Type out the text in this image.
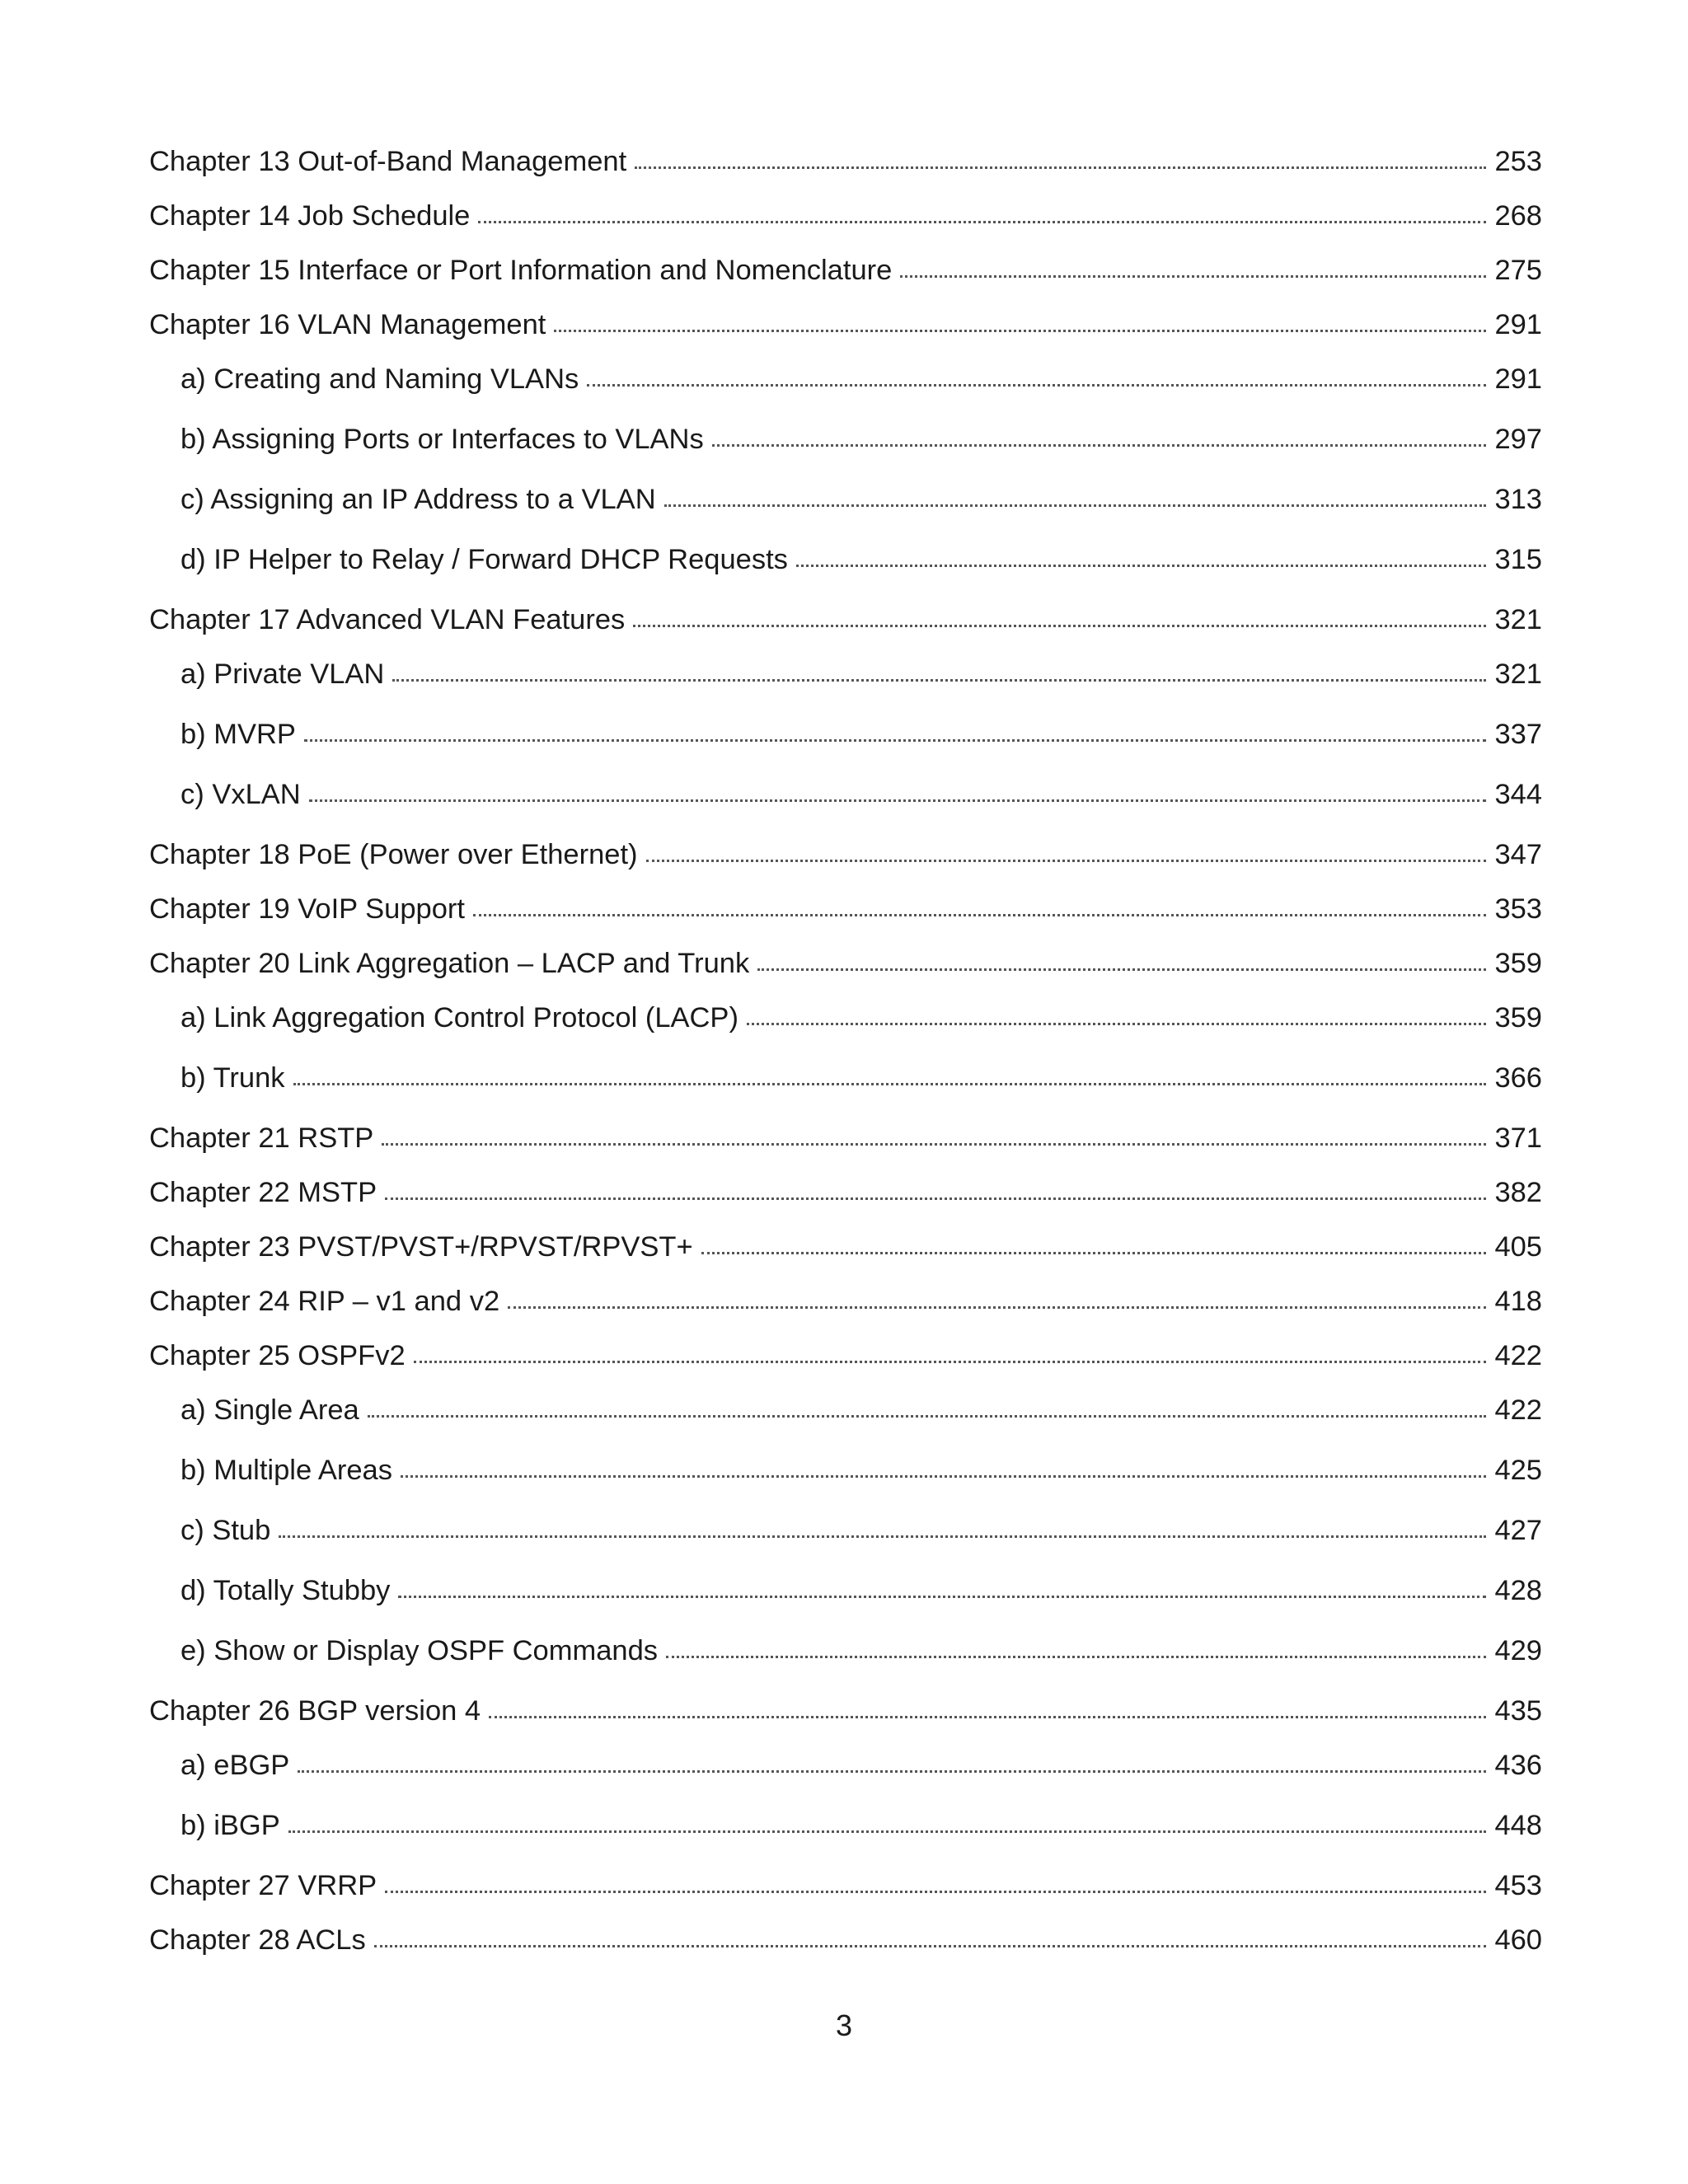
Chapter 13 Out-of-Band Management	253
Chapter 14 Job Schedule	268
Chapter 15 Interface or Port Information and Nomenclature	275
Chapter 16 VLAN Management	291
a) Creating and Naming VLANs	291
b) Assigning Ports or Interfaces to VLANs	297
c) Assigning an IP Address to a VLAN	313
d) IP Helper to Relay / Forward DHCP Requests	315
Chapter 17 Advanced VLAN Features	321
a) Private VLAN	321
b) MVRP	337
c) VxLAN	344
Chapter 18 PoE (Power over Ethernet)	347
Chapter 19 VoIP Support	353
Chapter 20 Link Aggregation – LACP and Trunk	359
a) Link Aggregation Control Protocol (LACP)	359
b) Trunk	366
Chapter 21 RSTP	371
Chapter 22 MSTP	382
Chapter 23 PVST/PVST+/RPVST/RPVST+	405
Chapter 24 RIP – v1 and v2	418
Chapter 25 OSPFv2	422
a) Single Area	422
b) Multiple Areas	425
c) Stub	427
d) Totally Stubby	428
e) Show or Display OSPF Commands	429
Chapter 26 BGP version 4	435
a) eBGP	436
b) iBGP	448
Chapter 27 VRRP	453
Chapter 28 ACLs	460
3
